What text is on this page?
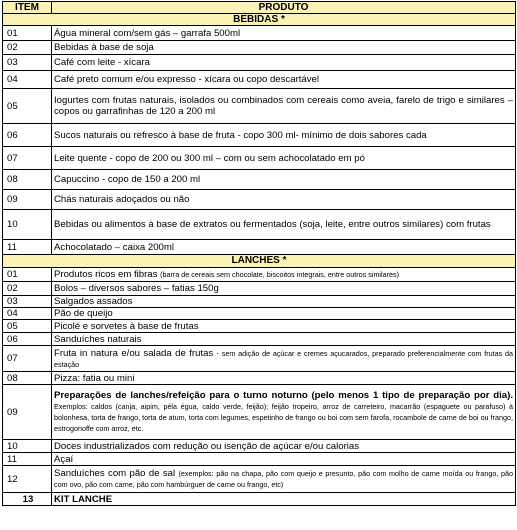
ITEM	PRODUTO
BEBIDAS *	
01	Água mineral com/sem gás – garrafa 500ml
02	Bebidas à base de soja
03	Café com leite - xícara
04	Café preto comum e/ou expresso - xícara ou copo descartável
05	Iogurtes com frutas naturais, isolados ou combinados com cereais como aveia, farelo de trigo e similares – copos ou garrafinhas de 120 a 200 ml
06	Sucos naturais ou refresco à base de fruta - copo 300 ml- mínimo de dois sabores cada
07	Leite quente - copo de 200 ou 300 ml – com ou sem achocolatado em pó
08	Capuccino - copo de 150 a 200 ml
09	Chás naturais adoçados ou não
10	Bebidas ou alimentos à base de extratos ou fermentados (soja, leite, entre outros similares) com frutas
11	Achocolatado – caixa 200ml
LANCHES *	
01	Produtos ricos em fibras (barra de cereais sem chocolate, biscoitos integrais, entre outros similares)
02	Bolos – diversos sabores – fatias 150g
03	Salgados assados
04	Pão de queijo
05	Picolé e sorvetes à base de frutas
06	Sanduíches naturais
07	Fruta in natura e/ou salada de frutas - sem adição de açúcar e cremes açucarados, preparado preferencialmente com frutas da estação
08	Pizza: fatia ou mini
09	Preparações de lanches/refeição para o turno noturno (pelo menos 1 tipo de preparação por dia). Exemplos: caldos (canja, aipim, péla égua, caldo verde, feijão); feijão tropeiro, arroz de carreteiro, macarrão (espaguete ou parafuso) à bolonhesa, torta de frango, torta de atum, torta com legumes, espetinho de frango ou boi com sem farofa, rocambole de carne de boi ou frango, estrogonoffe com arroz, etc.
10	Doces industrializados com redução ou isenção de açúcar e/ou calorias
11	Açaí
12	Sanduíches com pão de sal (exemplos: pão na chapa, pão com queijo e presunto, pão com molho de carne moída ou frango, pão com ovo, pão com carne, pão com hambúrguer de carne ou frango, etc)
13	KIT LANCHE
